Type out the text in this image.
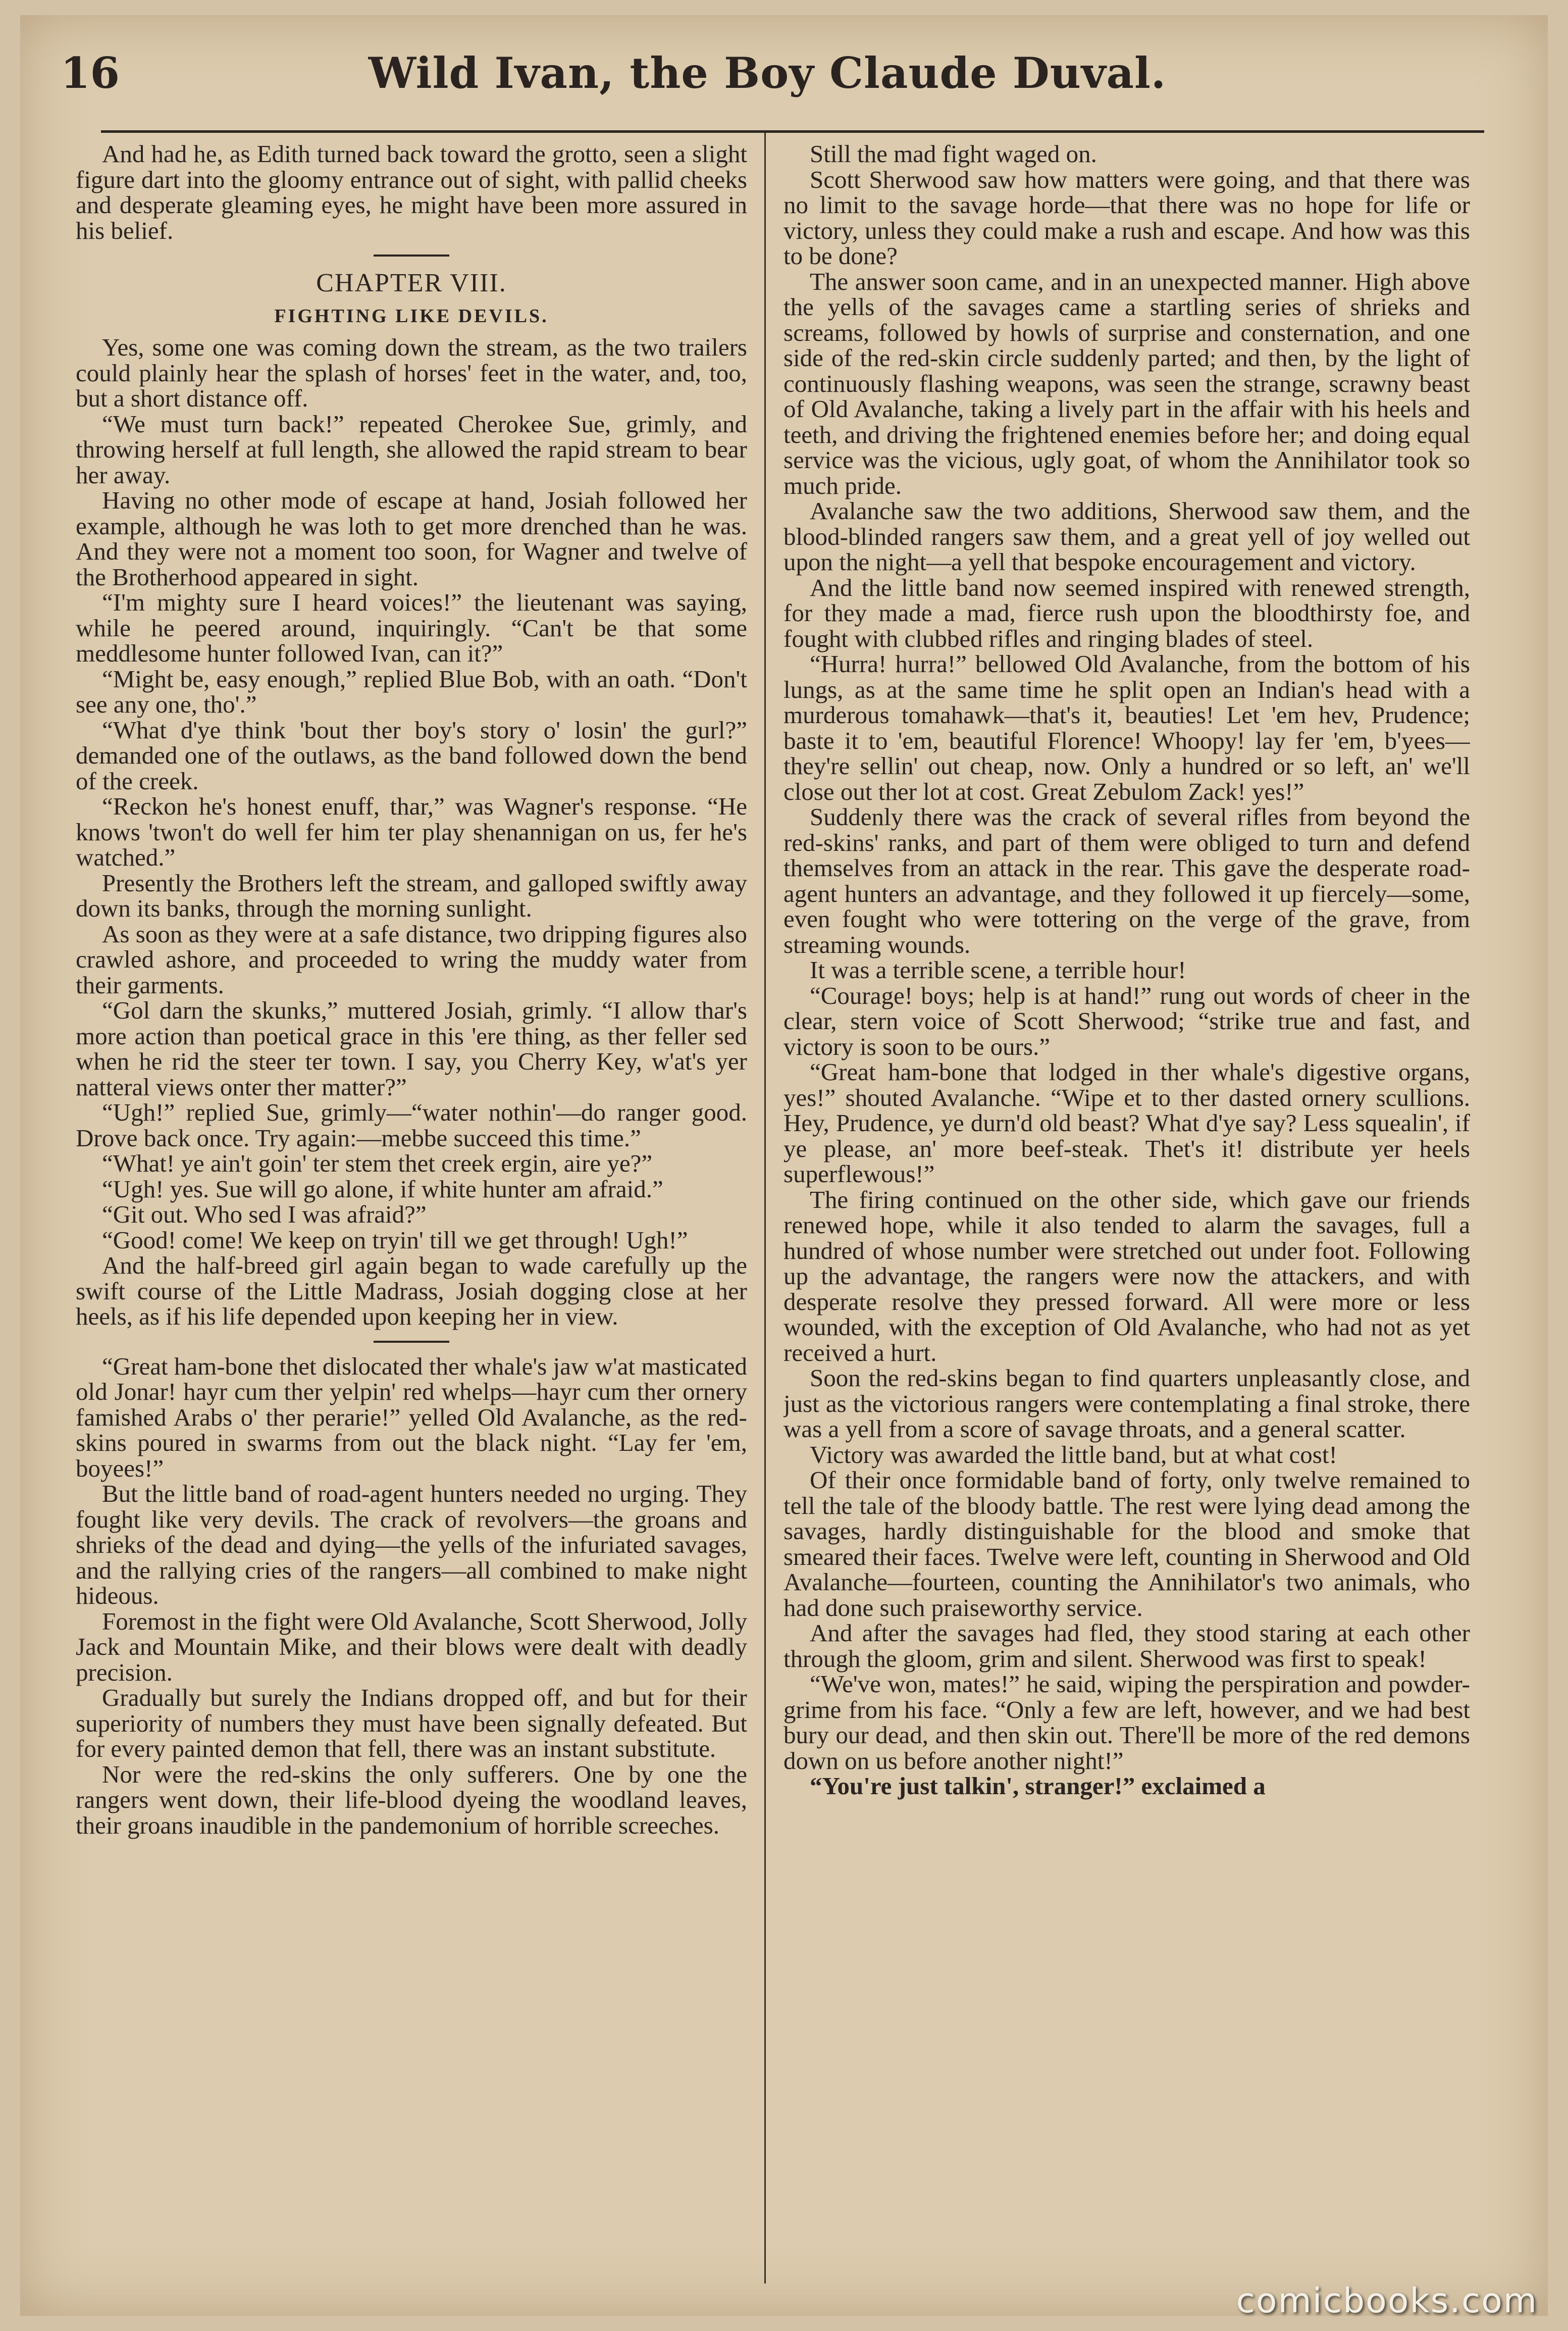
16	Wild Ivan, the Boy Claude Duval.

And had he, as Edith turned back toward the grotto, seen a slight figure dart into the gloomy entrance out of sight, with pallid cheeks and desperate gleaming eyes, he might have been more assured in his belief.

CHAPTER VIII.
FIGHTING LIKE DEVILS.

Yes, some one was coming down the stream, as the two trailers could plainly hear the splash of horses' feet in the water, and, too, but a short distance off.

“We must turn back!” repeated Cherokee Sue, grimly, and throwing herself at full length, she allowed the rapid stream to bear her away.

Having no other mode of escape at hand, Josiah followed her example, although he was loth to get more drenched than he was. And they were not a moment too soon, for Wagner and twelve of the Brotherhood appeared in sight.

“I'm mighty sure I heard voices!” the lieutenant was saying, while he peered around, inquiringly. “Can't be that some meddlesome hunter followed Ivan, can it?”

“Might be, easy enough,” replied Blue Bob, with an oath. “Don't see any one, tho'.”

“What d'ye think 'bout ther boy's story o' losin' the gurl?” demanded one of the outlaws, as the band followed down the bend of the creek.

“Reckon he's honest enuff, thar,” was Wagner's response. “He knows 'twon't do well fer him ter play shenannigan on us, fer he's watched.”

Presently the Brothers left the stream, and galloped swiftly away down its banks, through the morning sunlight.

As soon as they were at a safe distance, two dripping figures also crawled ashore, and proceeded to wring the muddy water from their garments.

“Gol darn the skunks,” muttered Josiah, grimly. “I allow thar's more action than poetical grace in this 'ere thing, as ther feller sed when he rid the steer ter town. I say, you Cherry Key, w'at's yer natteral views onter ther matter?”

“Ugh!” replied Sue, grimly—“water nothin'—do ranger good. Drove back once. Try again:—mebbe succeed this time.”

“What! ye ain't goin' ter stem thet creek ergin, aire ye?”

“Ugh! yes. Sue will go alone, if white hunter am afraid.”

“Git out. Who sed I was afraid?”

“Good! come! We keep on tryin' till we get through! Ugh!”

And the half-breed girl again began to wade carefully up the swift course of the Little Madrass, Josiah dogging close at her heels, as if his life depended upon keeping her in view.

“Great ham-bone thet dislocated ther whale's jaw w'at masticated old Jonar! hayr cum ther yelpin' red whelps—hayr cum ther ornery famished Arabs o' ther perarie!” yelled Old Avalanche, as the red-skins poured in swarms from out the black night. “Lay fer 'em, boyees!”

But the little band of road-agent hunters needed no urging. They fought like very devils. The crack of revolvers—the groans and shrieks of the dead and dying—the yells of the infuriated savages, and the rallying cries of the rangers—all combined to make night hideous.

Foremost in the fight were Old Avalanche, Scott Sherwood, Jolly Jack and Mountain Mike, and their blows were dealt with deadly precision.

Gradually but surely the Indians dropped off, and but for their superiority of numbers they must have been signally defeated. But for every painted demon that fell, there was an instant substitute.

Nor were the red-skins the only sufferers. One by one the rangers went down, their life-blood dyeing the woodland leaves, their groans inaudible in the pandemonium of horrible screeches.

Still the mad fight waged on.

Scott Sherwood saw how matters were going, and that there was no limit to the savage horde—that there was no hope for life or victory, unless they could make a rush and escape. And how was this to be done?

The answer soon came, and in an unexpected manner. High above the yells of the savages came a startling series of shrieks and screams, followed by howls of surprise and consternation, and one side of the red-skin circle suddenly parted; and then, by the light of continuously flashing weapons, was seen the strange, scrawny beast of Old Avalanche, taking a lively part in the affair with his heels and teeth, and driving the frightened enemies before her; and doing equal service was the vicious, ugly goat, of whom the Annihilator took so much pride.

Avalanche saw the two additions, Sherwood saw them, and the blood-blinded rangers saw them, and a great yell of joy welled out upon the night—a yell that bespoke encouragement and victory.

And the little band now seemed inspired with renewed strength, for they made a mad, fierce rush upon the bloodthirsty foe, and fought with clubbed rifles and ringing blades of steel.

“Hurra! hurra!” bellowed Old Avalanche, from the bottom of his lungs, as at the same time he split open an Indian's head with a murderous tomahawk—that's it, beauties! Let 'em hev, Prudence; baste it to 'em, beautiful Florence! Whoopy! lay fer 'em, b'yees—they're sellin' out cheap, now. Only a hundred or so left, an' we'll close out ther lot at cost. Great Zebulom Zack! yes!”

Suddenly there was the crack of several rifles from beyond the red-skins' ranks, and part of them were obliged to turn and defend themselves from an attack in the rear. This gave the desperate road-agent hunters an advantage, and they followed it up fiercely—some, even fought who were tottering on the verge of the grave, from streaming wounds.

It was a terrible scene, a terrible hour!

“Courage! boys; help is at hand!” rung out words of cheer in the clear, stern voice of Scott Sherwood; “strike true and fast, and victory is soon to be ours.”

“Great ham-bone that lodged in ther whale's digestive organs, yes!” shouted Avalanche. “Wipe et to ther dasted ornery scullions. Hey, Prudence, ye durn'd old beast? What d'ye say? Less squealin', if ye please, an' more beef-steak. Thet's it! distribute yer heels superflewous!”

The firing continued on the other side, which gave our friends renewed hope, while it also tended to alarm the savages, full a hundred of whose number were stretched out under foot. Following up the advantage, the rangers were now the attackers, and with desperate resolve they pressed forward. All were more or less wounded, with the exception of Old Avalanche, who had not as yet received a hurt.

Soon the red-skins began to find quarters unpleasantly close, and just as the victorious rangers were contemplating a final stroke, there was a yell from a score of savage throats, and a general scatter.

Victory was awarded the little band, but at what cost!

Of their once formidable band of forty, only twelve remained to tell the tale of the bloody battle. The rest were lying dead among the savages, hardly distinguishable for the blood and smoke that smeared their faces. Twelve were left, counting in Sherwood and Old Avalanche—fourteen, counting the Annihilator's two animals, who had done such praiseworthy service.

And after the savages had fled, they stood staring at each other through the gloom, grim and silent. Sherwood was first to speak!

“We've won, mates!” he said, wiping the perspiration and powder-grime from his face. “Only a few are left, however, and we had best bury our dead, and then skin out. There'll be more of the red demons down on us before another night!”

“You're just talkin', stranger!” exclaimed a

comicbooks.com
